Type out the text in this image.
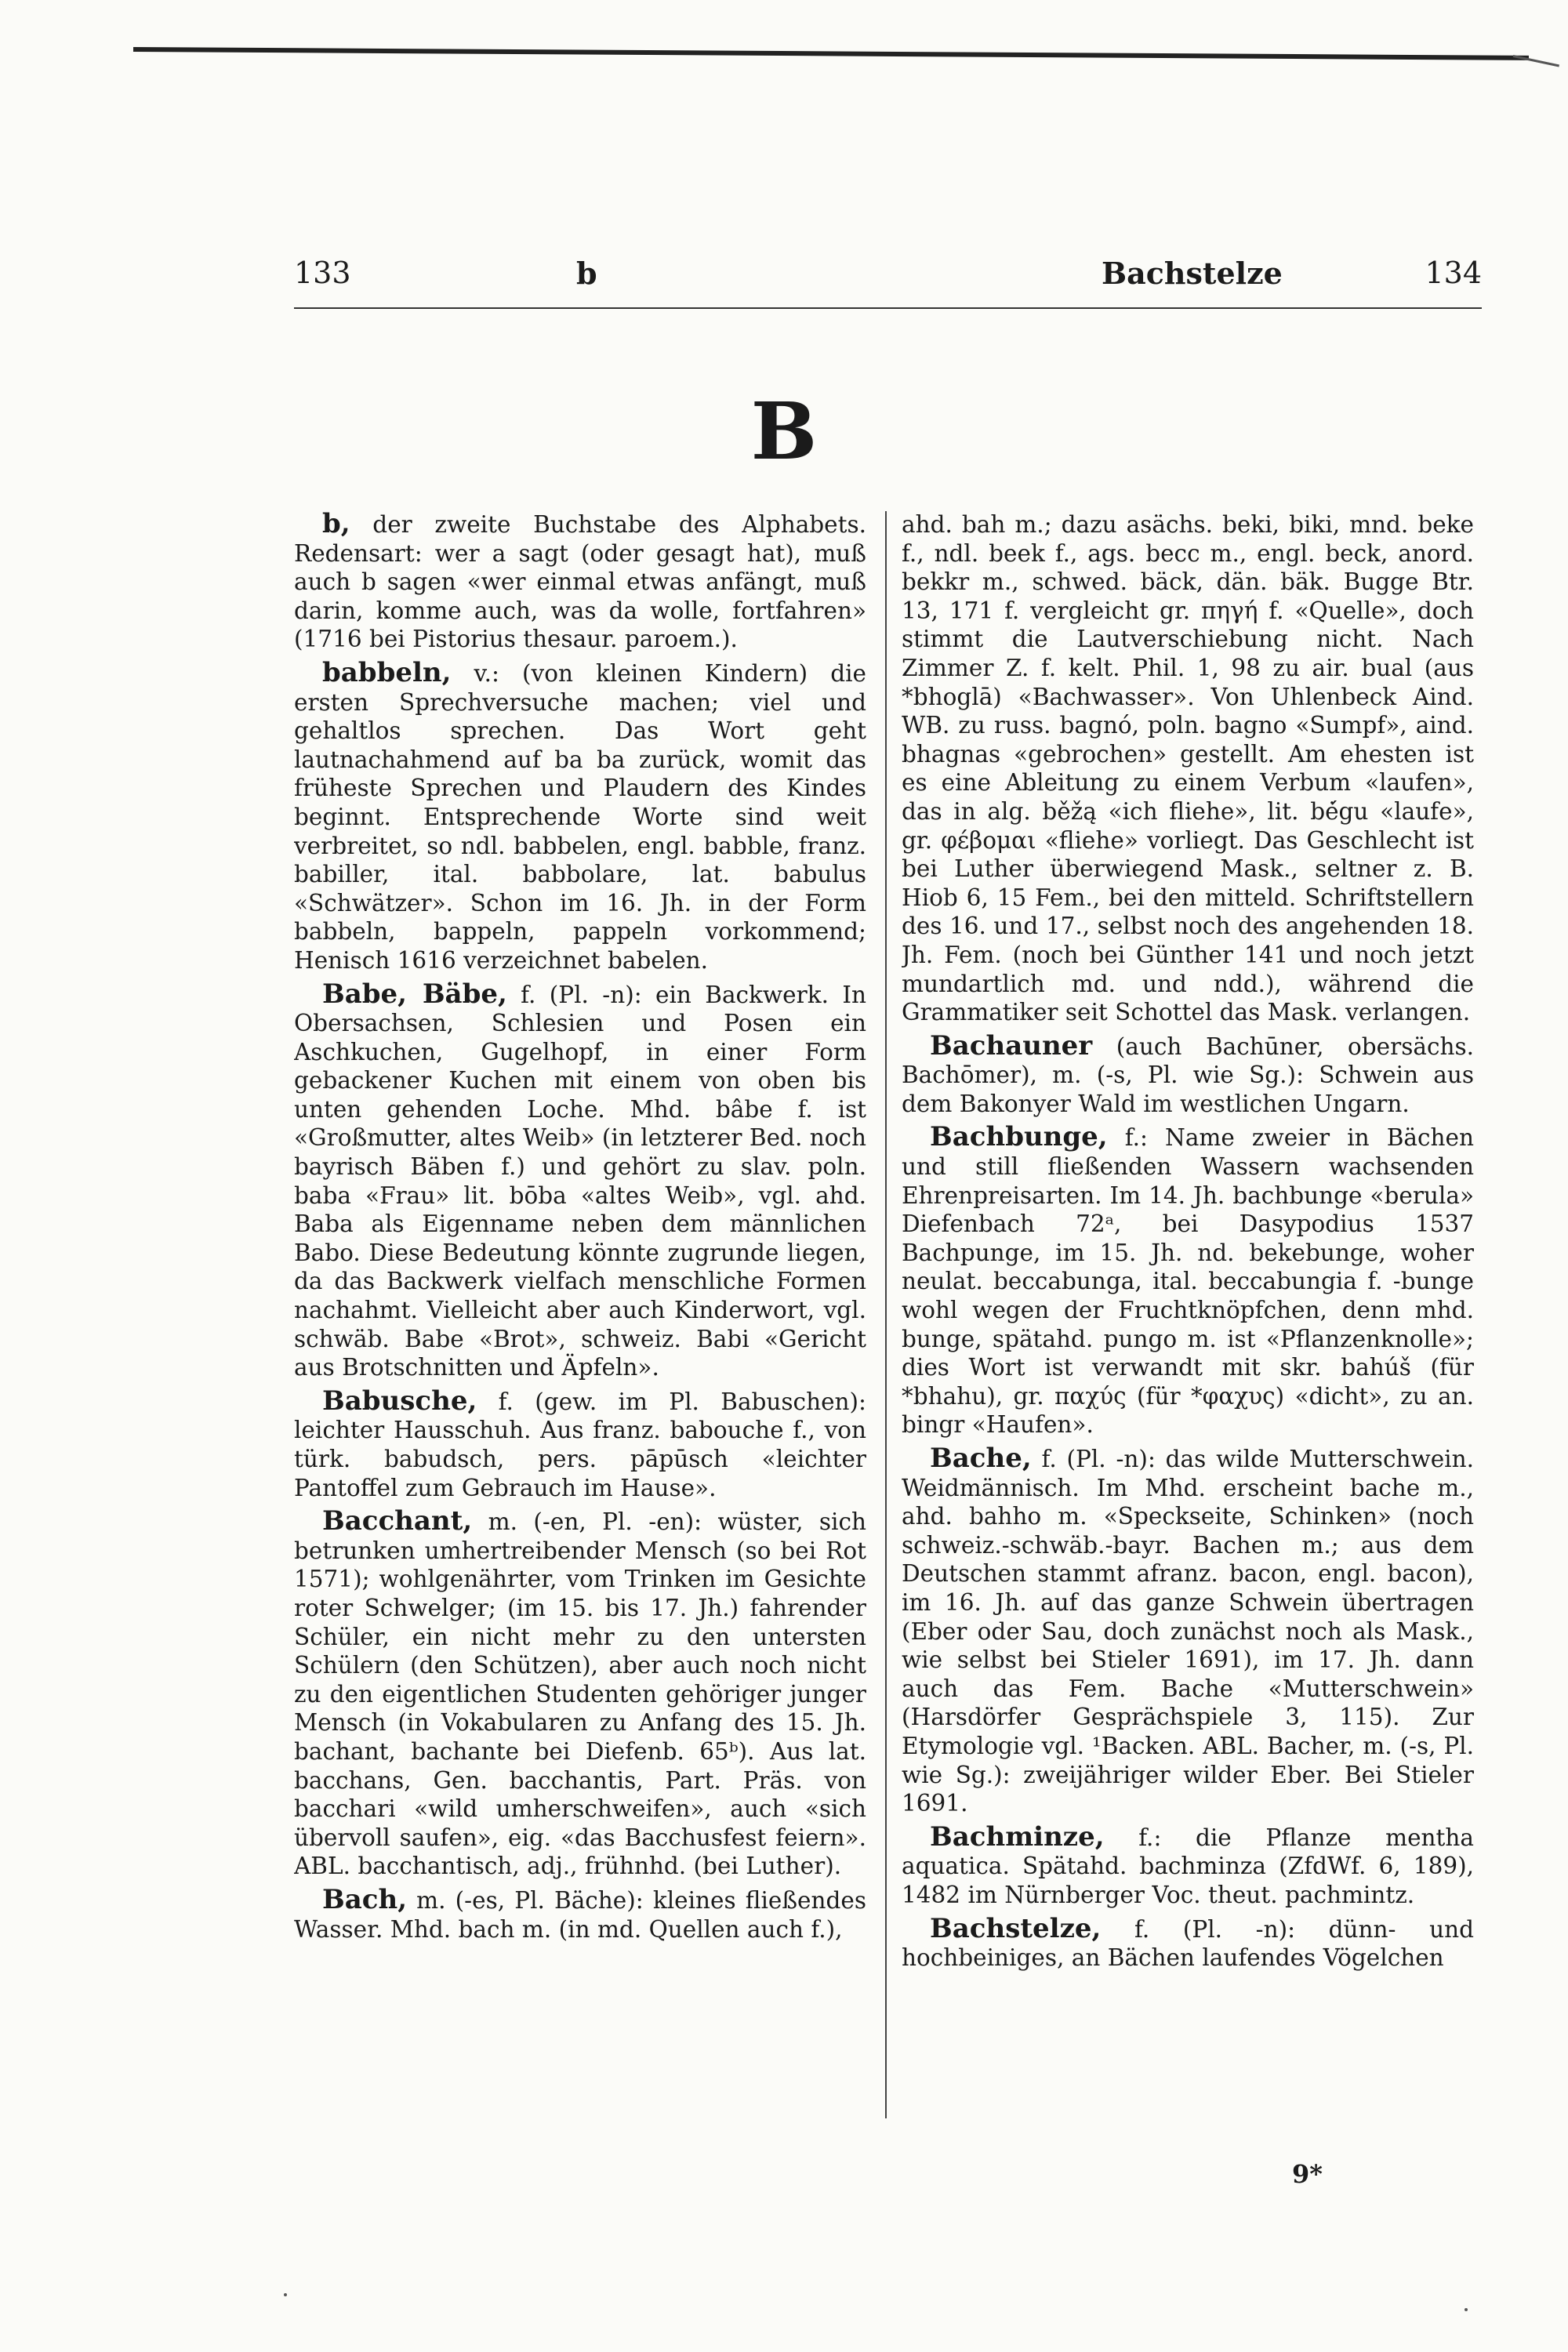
133	b	Bachstelze	134
B

b, der zweite Buchstabe des Alphabets. Redensart: wer a sagt (oder gesagt hat), muß auch b sagen «wer einmal etwas anfängt, muß darin, komme auch, was da wolle, fortfahren» (1716 bei Pistorius thesaur. paroem.).

babbeln, v.: (von kleinen Kindern) die ersten Sprechversuche machen; viel und gehaltlos sprechen. Das Wort geht lautnachahmend auf ba ba zurück, womit das früheste Sprechen und Plaudern des Kindes beginnt. Entsprechende Worte sind weit verbreitet, so ndl. babbelen, engl. babble, franz. babiller, ital. babbolare, lat. babulus «Schwätzer». Schon im 16. Jh. in der Form babbeln, bappeln, pappeln vorkommend; Henisch 1616 verzeichnet babelen.

Babe, Bäbe, f. (Pl. -n): ein Backwerk. In Obersachsen, Schlesien und Posen ein Aschkuchen, Gugelhopf, in einer Form gebackener Kuchen mit einem von oben bis unten gehenden Loche. Mhd. bâbe f. ist «Großmutter, altes Weib» (in letzterer Bed. noch bayrisch Bäben f.) und gehört zu slav. poln. baba «Frau» lit. bōba «altes Weib», vgl. ahd. Baba als Eigenname neben dem männlichen Babo. Diese Bedeutung könnte zugrunde liegen, da das Backwerk vielfach menschliche Formen nachahmt. Vielleicht aber auch Kinderwort, vgl. schwäb. Babe «Brot», schweiz. Babi «Gericht aus Brotschnitten und Äpfeln».

Babusche, f. (gew. im Pl. Babuschen): leichter Hausschuh. Aus franz. babouche f., von türk. babudsch, pers. pāpūsch «leichter Pantoffel zum Gebrauch im Hause».

Bacchant, m. (-en, Pl. -en): wüster, sich betrunken umhertreibender Mensch (so bei Rot 1571); wohlgenährter, vom Trinken im Gesichte roter Schwelger; (im 15. bis 17. Jh.) fahrender Schüler, ein nicht mehr zu den untersten Schülern (den Schützen), aber auch noch nicht zu den eigentlichen Studenten gehöriger junger Mensch (in Vokabularen zu Anfang des 15. Jh. bachant, bachante bei Diefenb. 65ᵇ). Aus lat. bacchans, Gen. bacchantis, Part. Präs. von bacchari «wild umherschweifen», auch «sich übervoll saufen», eig. «das Bacchusfest feiern». ABL. bacchantisch, adj., frühnhd. (bei Luther).

Bach, m. (-es, Pl. Bäche): kleines fließendes Wasser. Mhd. bach m. (in md. Quellen auch f.),

ahd. bah m.; dazu asächs. beki, biki, mnd. beke f., ndl. beek f., ags. becc m., engl. beck, anord. bekkr m., schwed. bäck, dän. bäk. Bugge Btr. 13, 171 f. vergleicht gr. πηγή f. «Quelle», doch stimmt die Lautverschiebung nicht. Nach Zimmer Z. f. kelt. Phil. 1, 98 zu air. bual (aus *bhoglā) «Bachwasser». Von Uhlenbeck Aind. WB. zu russ. bagnó, poln. bagno «Sumpf», aind. bhagnas «gebrochen» gestellt. Am ehesten ist es eine Ableitung zu einem Verbum «laufen», das in alg. běžą «ich fliehe», lit. bė́gu «laufe», gr. φέβομαι «fliehe» vorliegt. Das Geschlecht ist bei Luther überwiegend Mask., seltner z. B. Hiob 6, 15 Fem., bei den mitteld. Schriftstellern des 16. und 17., selbst noch des angehenden 18. Jh. Fem. (noch bei Günther 141 und noch jetzt mundartlich md. und ndd.), während die Grammatiker seit Schottel das Mask. verlangen.

Bachauner (auch Bachūner, obersächs. Bachōmer), m. (-s, Pl. wie Sg.): Schwein aus dem Bakonyer Wald im westlichen Ungarn.

Bachbunge, f.: Name zweier in Bächen und still fließenden Wassern wachsenden Ehrenpreisarten. Im 14. Jh. bachbunge «berula» Diefenbach 72ᵃ, bei Dasypodius 1537 Bachpunge, im 15. Jh. nd. bekebunge, woher neulat. beccabunga, ital. beccabungia f. -bunge wohl wegen der Fruchtknöpfchen, denn mhd. bunge, spätahd. pungo m. ist «Pflanzenknolle»; dies Wort ist verwandt mit skr. bahúš (für *bhahu), gr. παχύς (für *φαχυς) «dicht», zu an. bingr «Haufen».

Bache, f. (Pl. -n): das wilde Mutterschwein. Weidmännisch. Im Mhd. erscheint bache m., ahd. bahho m. «Speckseite, Schinken» (noch schweiz.-schwäb.-bayr. Bachen m.; aus dem Deutschen stammt afranz. bacon, engl. bacon), im 16. Jh. auf das ganze Schwein übertragen (Eber oder Sau, doch zunächst noch als Mask., wie selbst bei Stieler 1691), im 17. Jh. dann auch das Fem. Bache «Mutterschwein» (Harsdörfer Gesprächspiele 3, 115). Zur Etymologie vgl. ¹Backen. ABL. Bacher, m. (-s, Pl. wie Sg.): zweijähriger wilder Eber. Bei Stieler 1691.

Bachminze, f.: die Pflanze mentha aquatica. Spätahd. bachminza (ZfdWf. 6, 189), 1482 im Nürnberger Voc. theut. pachmintz.

Bachstelze, f. (Pl. -n): dünn- und hochbeiniges, an Bächen laufendes Vögelchen

9*
